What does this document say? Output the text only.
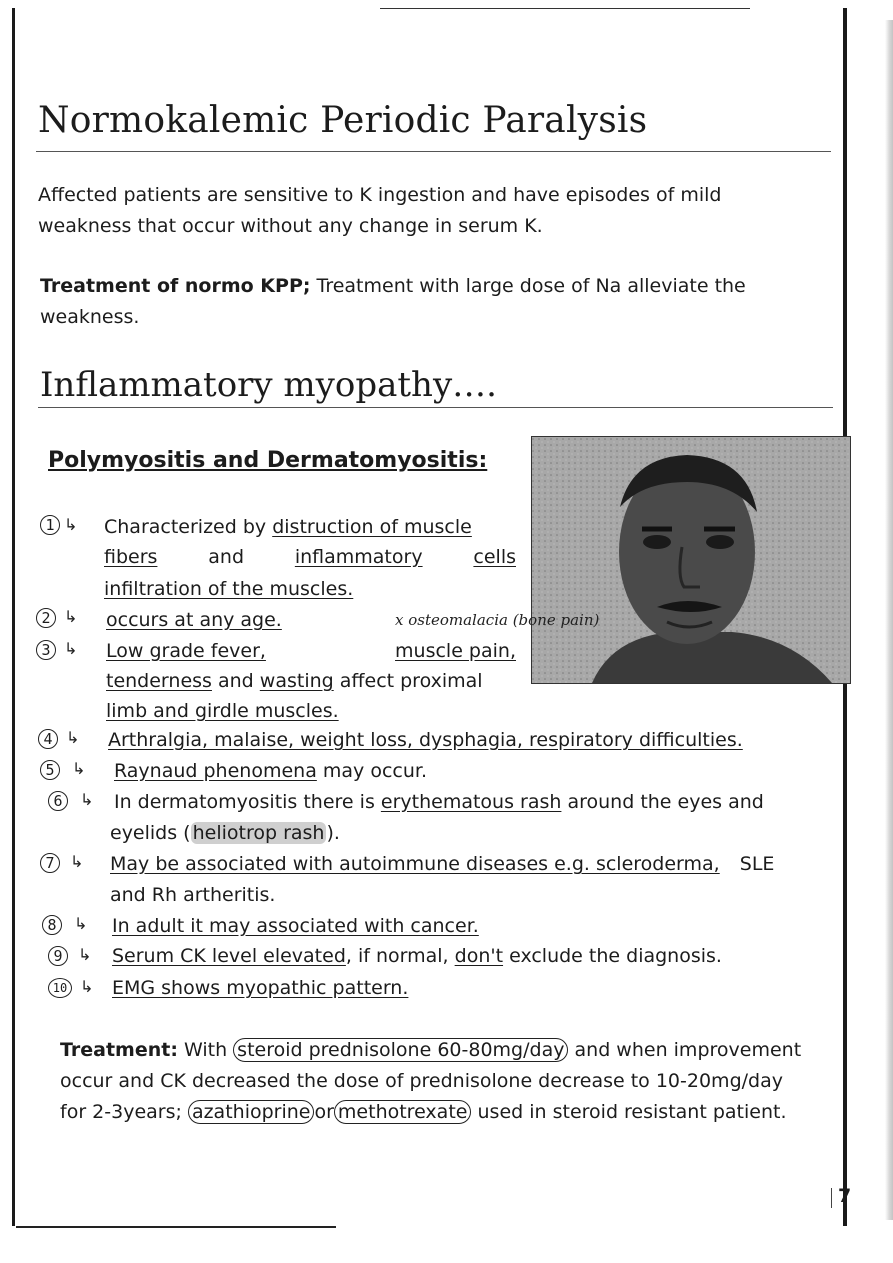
Normokalemic Periodic Paralysis

Affected patients are sensitive to K ingestion and have episodes of mild
weakness that occur without any change in serum K.

Treatment of normo KPP; Treatment with large dose of Na alleviate the
weakness.

Inflammatory myopathy….
Polymyositis and Dermatomyositis:
x osteomalacia (bone pain)
1 ↳ Characterized by distruction of muscle

fibers	and	inflammatory	cells

infiltration of the muscles.

2 ↳ occurs at any age.

3 ↳ Low grade fever,	muscle pain,

tenderness and wasting affect proximal

limb and girdle muscles.

4 ↳ Arthralgia, malaise, weight loss, dysphagia, respiratory difficulties.

5	↳ Raynaud phenomena may occur.

6	↳ In dermatomyositis there is erythematous rash around the eyes and

eyelids ( heliotrop rash ).

7 ↳ May be associated with autoimmune diseases e.g. scleroderma, SLE

and Rh artheritis.

8	↳ In adult it may associated with cancer.

9 ↳ Serum CK level elevated, if normal, don't exclude the diagnosis.

10 ↳ EMG shows myopathic pattern.

Treatment: With steroid prednisolone 60-80mg/day and when improvement
occur and CK decreased the dose of prednisolone decrease to 10-20mg/day
for 2-3years; azathioprine or methotrexate used in steroid resistant patient.

7
